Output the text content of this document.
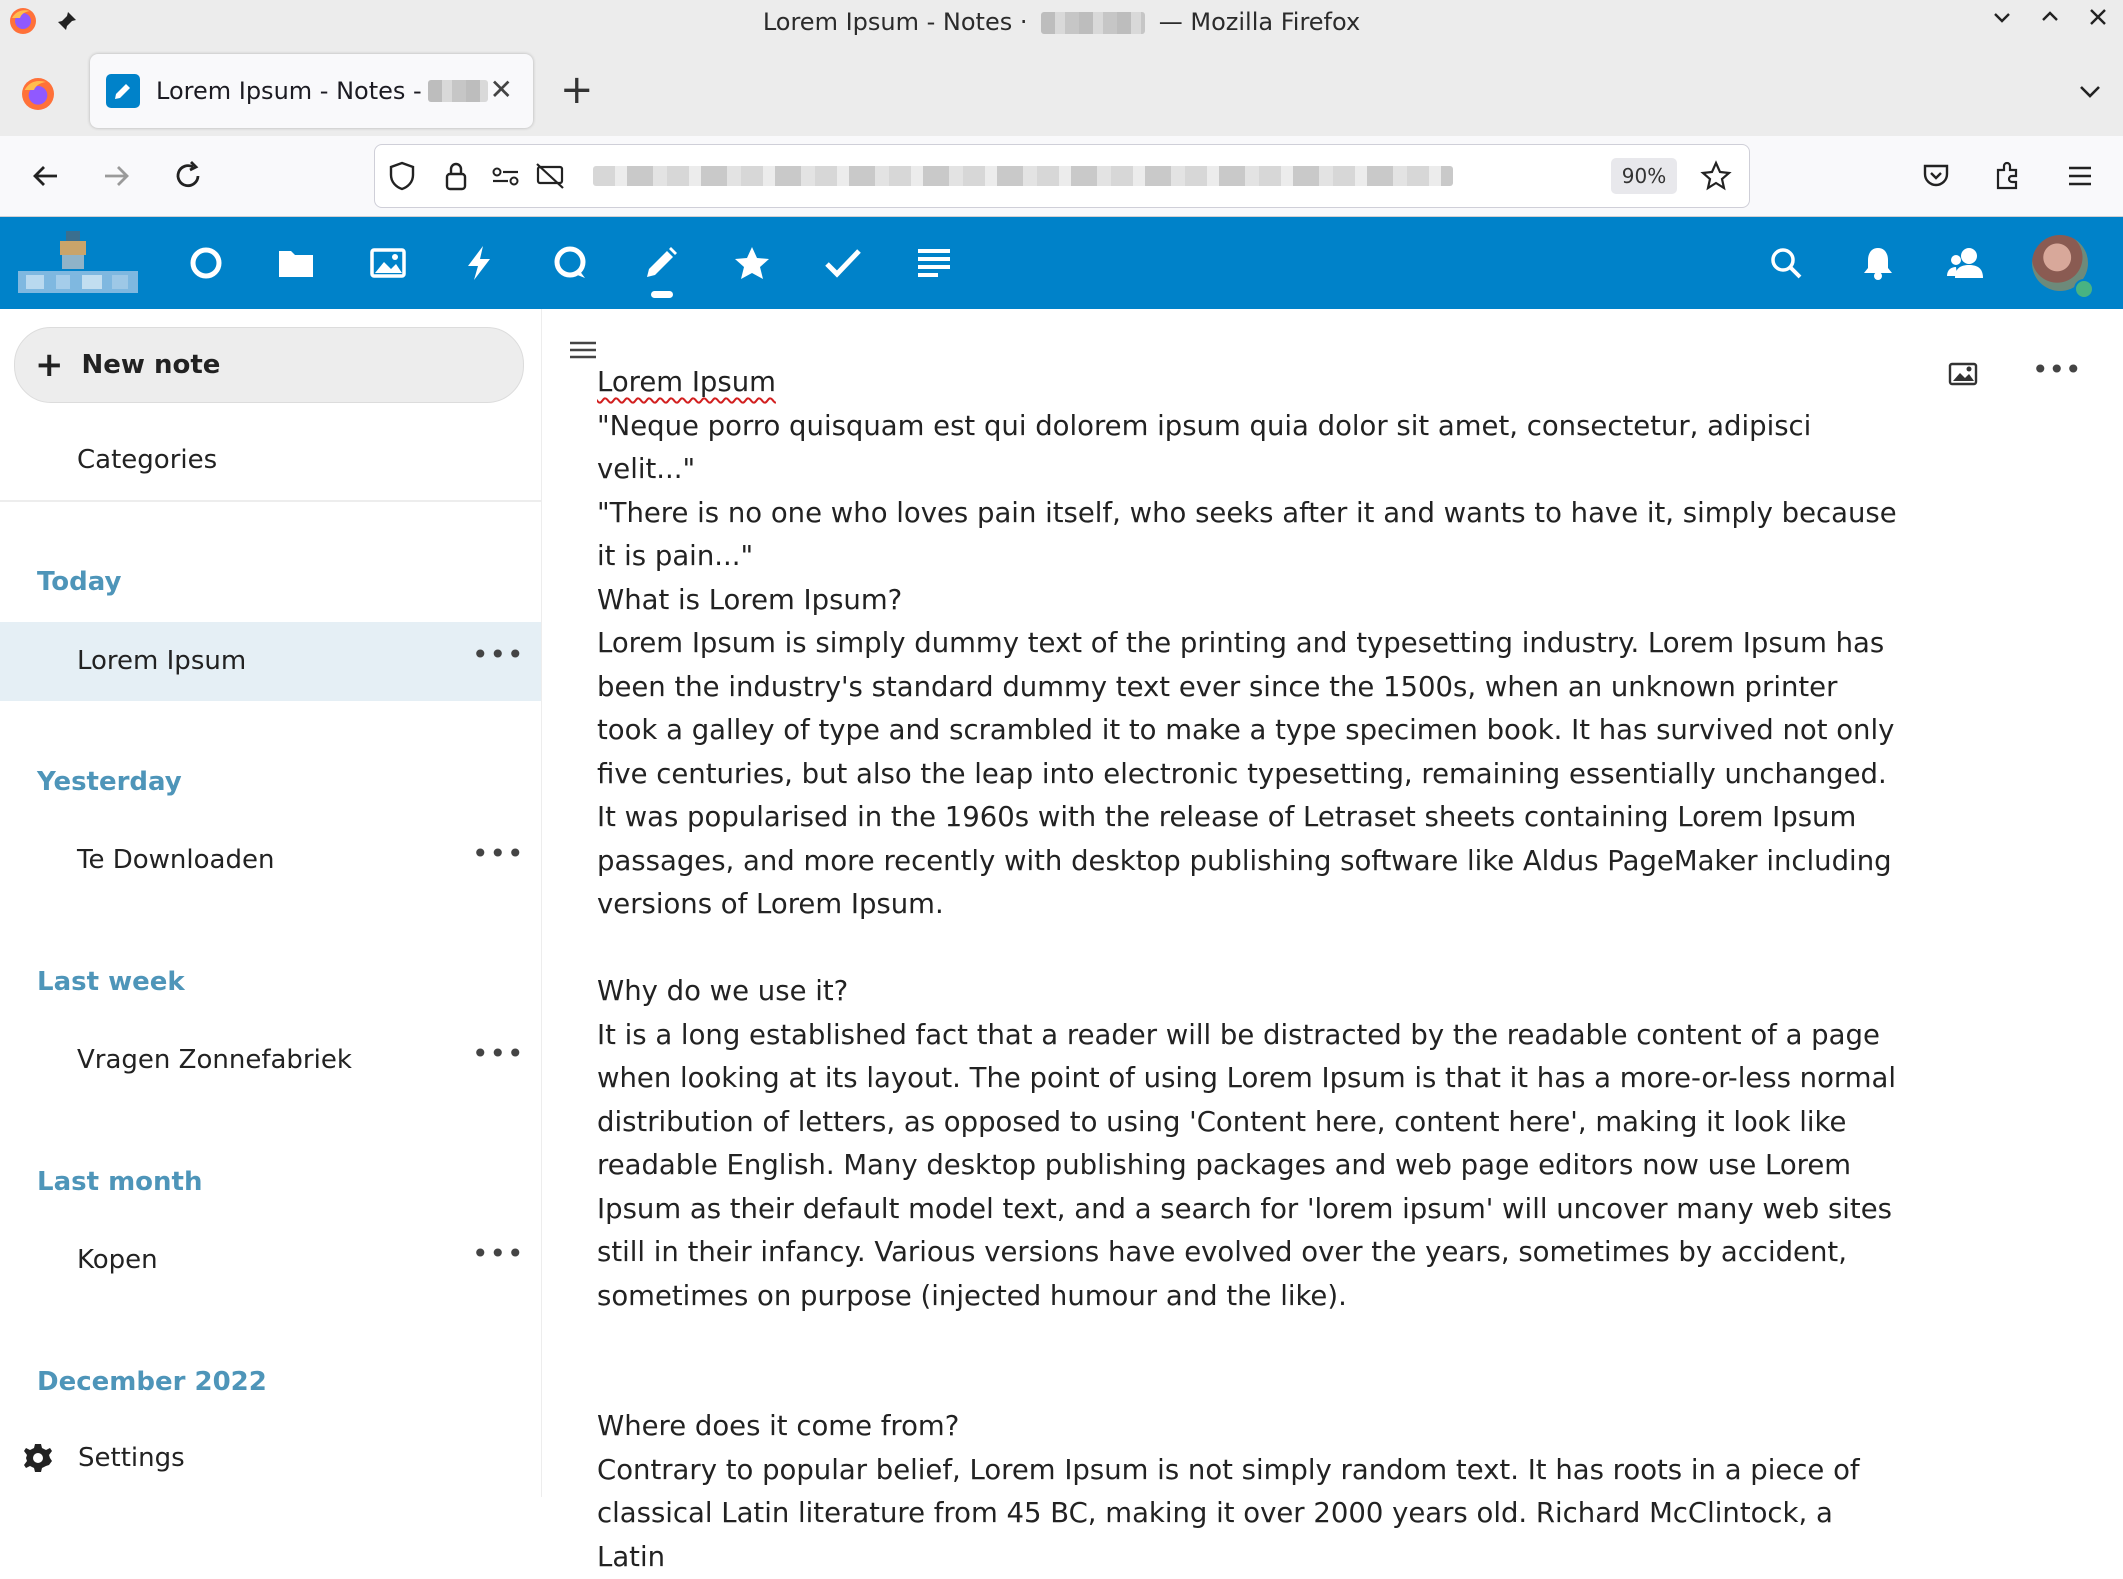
Lorem Ipsum - Notes ·	— Mozilla Firefox
Lorem Ipsum - Notes - ✕ +
90%
+ New note
Categories
Today
Lorem Ipsum	•••
Yesterday
Te Downloaden	•••
Last week
Vragen Zonnefabriek	•••
Last month
Kopen	•••
December 2022
Settings
•••

Lorem Ipsum

"Neque porro quisquam est qui dolorem ipsum quia dolor sit amet, consectetur, adipisci velit..."

"There is no one who loves pain itself, who seeks after it and wants to have it, simply because it is pain..."

What is Lorem Ipsum?

Lorem Ipsum is simply dummy text of the printing and typesetting industry. Lorem Ipsum has been the industry's standard dummy text ever since the 1500s, when an unknown printer took a galley of type and scrambled it to make a type specimen book. It has survived not only five centuries, but also the leap into electronic typesetting, remaining essentially unchanged. It was popularised in the 1960s with the release of Letraset sheets containing Lorem Ipsum passages, and more recently with desktop publishing software like Aldus PageMaker including versions of Lorem Ipsum.

Why do we use it?

It is a long established fact that a reader will be distracted by the readable content of a page when looking at its layout. The point of using Lorem Ipsum is that it has a more-or-less normal distribution of letters, as opposed to using 'Content here, content here', making it look like readable English. Many desktop publishing packages and web page editors now use Lorem Ipsum as their default model text, and a search for 'lorem ipsum' will uncover many web sites still in their infancy. Various versions have evolved over the years, sometimes by accident, sometimes on purpose (injected humour and the like).

Where does it come from?

Contrary to popular belief, Lorem Ipsum is not simply random text. It has roots in a piece of classical Latin literature from 45 BC, making it over 2000 years old. Richard McClintock, a Latin
